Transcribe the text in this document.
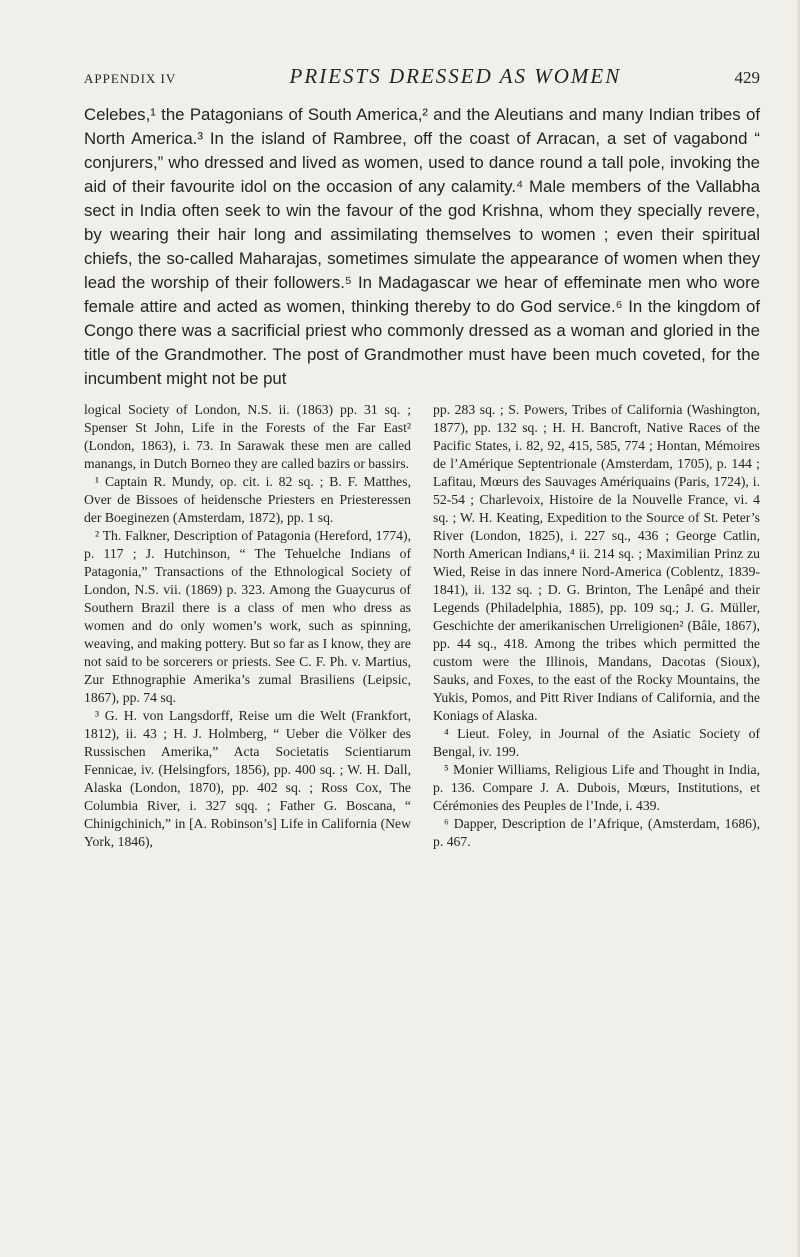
APPENDIX IV	PRIESTS DRESSED AS WOMEN	429

Celebes,¹ the Patagonians of South America,² and the Aleutians and many Indian tribes of North America.³ In the island of Rambree, off the coast of Arracan, a set of vagabond “ conjurers,” who dressed and lived as women, used to dance round a tall pole, invoking the aid of their favourite idol on the occasion of any calamity.⁴ Male members of the Vallabha sect in India often seek to win the favour of the god Krishna, whom they specially revere, by wearing their hair long and assimilating themselves to women ; even their spiritual chiefs, the so-called Maharajas, sometimes simulate the appearance of women when they lead the worship of their followers.⁵ In Madagascar we hear of effeminate men who wore female attire and acted as women, thinking thereby to do God service.⁶ In the kingdom of Congo there was a sacrificial priest who commonly dressed as a woman and gloried in the title of the Grandmother. The post of Grandmother must have been much coveted, for the incumbent might not be put

logical Society of London, N.S. ii. (1863) pp. 31 sq. ; Spenser St John, Life in the Forests of the Far East² (London, 1863), i. 73. In Sarawak these men are called manangs, in Dutch Borneo they are called bazirs or bassirs.

¹ Captain R. Mundy, op. cit. i. 82 sq. ; B. F. Matthes, Over de Bissoes of heidensche Priesters en Priesteressen der Boeginezen (Amsterdam, 1872), pp. 1 sq.

² Th. Falkner, Description of Patagonia (Hereford, 1774), p. 117 ; J. Hutchinson, “ The Tehuelche Indians of Patagonia,” Transactions of the Ethnological Society of London, N.S. vii. (1869) p. 323. Among the Guaycurus of Southern Brazil there is a class of men who dress as women and do only women’s work, such as spinning, weaving, and making pottery. But so far as I know, they are not said to be sorcerers or priests. See C. F. Ph. v. Martius, Zur Ethnographie Amerika’s zumal Brasiliens (Leipsic, 1867), pp. 74 sq.

³ G. H. von Langsdorff, Reise um die Welt (Frankfort, 1812), ii. 43 ; H. J. Holmberg, “ Ueber die Völker des Russischen Amerika,” Acta Societatis Scientiarum Fennicae, iv. (Helsingfors, 1856), pp. 400 sq. ; W. H. Dall, Alaska (London, 1870), pp. 402 sq. ; Ross Cox, The Columbia River, i. 327 sqq. ; Father G. Boscana, “ Chinigchinich,” in [A. Robinson’s] Life in California (New York, 1846),

pp. 283 sq. ; S. Powers, Tribes of California (Washington, 1877), pp. 132 sq. ; H. H. Bancroft, Native Races of the Pacific States, i. 82, 92, 415, 585, 774 ; Hontan, Mémoires de l’Amérique Septentrionale (Amsterdam, 1705), p. 144 ; Lafitau, Mœurs des Sauvages Amériquains (Paris, 1724), i. 52-54 ; Charlevoix, Histoire de la Nouvelle France, vi. 4 sq. ; W. H. Keating, Expedition to the Source of St. Peter’s River (London, 1825), i. 227 sq., 436 ; George Catlin, North American Indians,⁴ ii. 214 sq. ; Maximilian Prinz zu Wied, Reise in das innere Nord-America (Coblentz, 1839-1841), ii. 132 sq. ; D. G. Brinton, The Lenâpé and their Legends (Philadelphia, 1885), pp. 109 sq.; J. G. Müller, Geschichte der amerikanischen Urreligionen² (Bâle, 1867), pp. 44 sq., 418. Among the tribes which permitted the custom were the Illinois, Mandans, Dacotas (Sioux), Sauks, and Foxes, to the east of the Rocky Mountains, the Yukis, Pomos, and Pitt River Indians of California, and the Koniags of Alaska.

⁴ Lieut. Foley, in Journal of the Asiatic Society of Bengal, iv. 199.

⁵ Monier Williams, Religious Life and Thought in India, p. 136. Compare J. A. Dubois, Mœurs, Institutions, et Cérémonies des Peuples de l’Inde, i. 439.

⁶ Dapper, Description de l’Afrique, (Amsterdam, 1686), p. 467.
